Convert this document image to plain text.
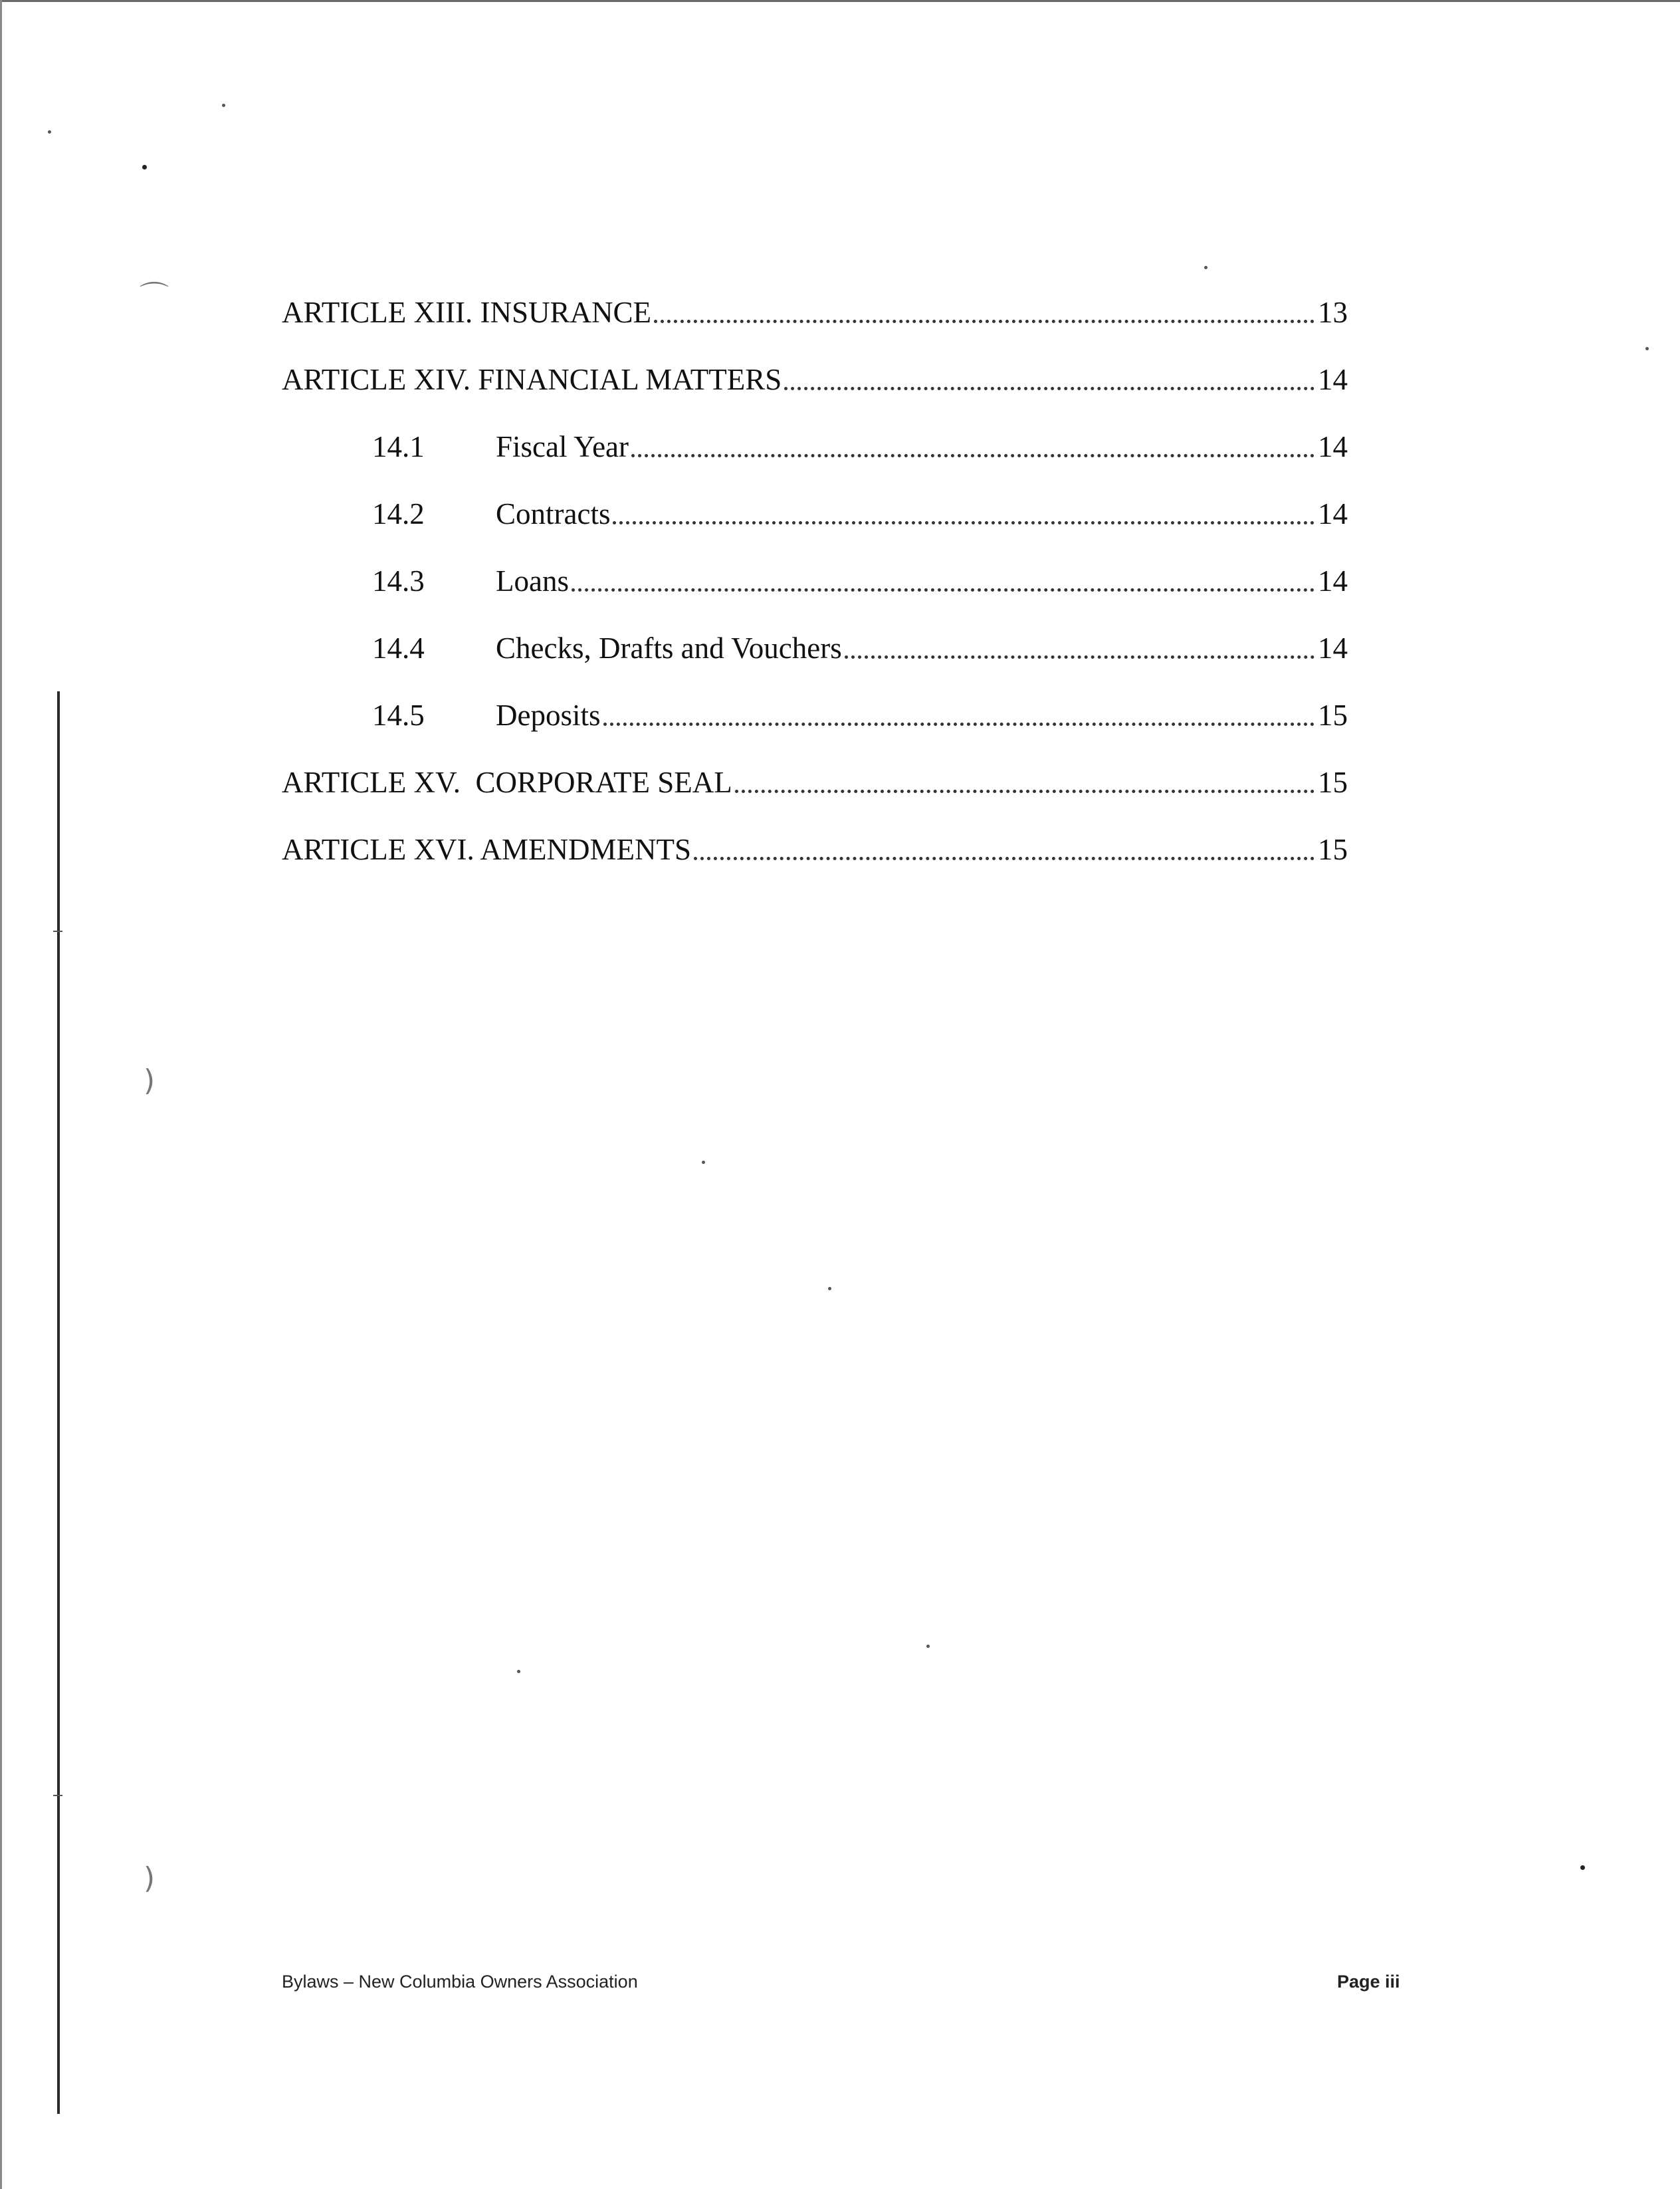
⌒
)
)
ARTICLE XIII. INSURANCE	13
ARTICLE XIV. FINANCIAL MATTERS	14
14.1	Fiscal Year	14
14.2	Contracts	14
14.3	Loans	14
14.4	Checks, Drafts and Vouchers	14
14.5	Deposits	15
ARTICLE XV.  CORPORATE SEAL	15
ARTICLE XVI. AMENDMENTS	15
Bylaws – New Columbia Owners Association	Page iii
